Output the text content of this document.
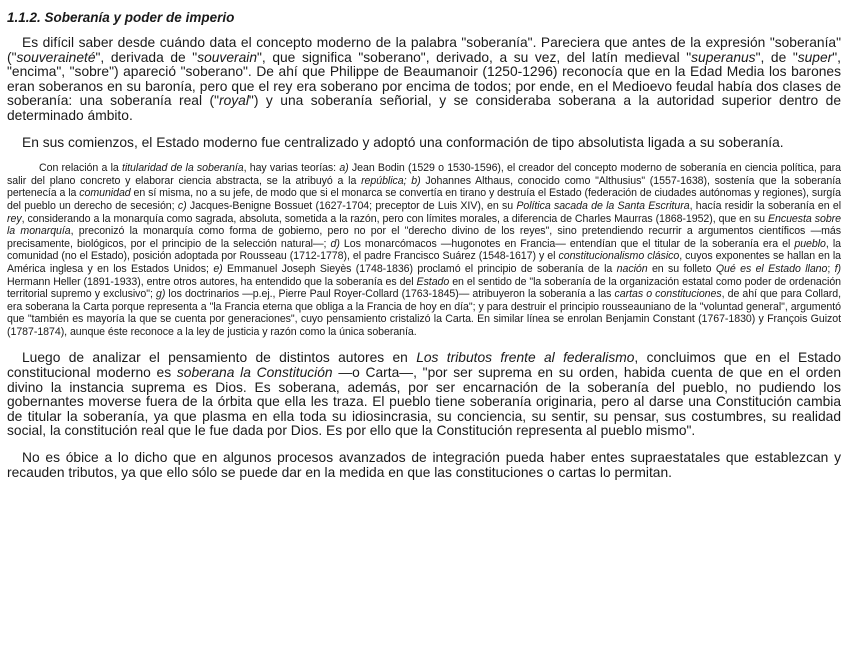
1.1.2. Soberanía y poder de imperio

Es difícil saber desde cuándo data el concepto moderno de la palabra "soberanía". Pareciera que antes de la expresión "soberanía" ("souveraineté", derivada de "souverain", que significa "soberano", derivado, a su vez, del latín medieval "superanus", de "super", "encima", "sobre") apareció "soberano". De ahí que Philippe de Beaumanoir (1250-1296) reconocía que en la Edad Media los barones eran soberanos en su baronía, pero que el rey era soberano por encima de todos; por ende, en el Medioevo feudal había dos clases de soberanía: una soberanía real ("royal") y una soberanía señorial, y se consideraba soberana a la autoridad superior dentro de determinado ámbito.

En sus comienzos, el Estado moderno fue centralizado y adoptó una conformación de tipo absolutista ligada a su soberanía.

Con relación a la titularidad de la soberanía, hay varias teorías: a) Jean Bodin (1529 o 1530-1596), el creador del concepto moderno de soberanía en ciencia política, para salir del plano concreto y elaborar ciencia abstracta, se la atribuyó a la república; b) Johannes Althaus, conocido como "Althusius" (1557-1638), sostenía que la soberanía pertenecía a la comunidad en sí misma, no a su jefe, de modo que si el monarca se convertía en tirano y destruía el Estado (federación de ciudades autónomas y regiones), surgía del pueblo un derecho de secesión; c) Jacques-Benigne Bossuet (1627-1704; preceptor de Luis XIV), en su Política sacada de la Santa Escritura, hacía residir la soberanía en el rey, considerando a la monarquía como sagrada, absoluta, sometida a la razón, pero con límites morales, a diferencia de Charles Maurras (1868-1952), que en su Encuesta sobre la monarquía, preconizó la monarquía como forma de gobierno, pero no por el "derecho divino de los reyes", sino pretendiendo recurrir a argumentos científicos —más precisamente, biológicos, por el principio de la selección natural—; d) Los monarcómacos —hugonotes en Francia— entendían que el titular de la soberanía era el pueblo, la comunidad (no el Estado), posición adoptada por Rousseau (1712-1778), el padre Francisco Suárez (1548-1617) y el constitucionalismo clásico, cuyos exponentes se hallan en la América inglesa y en los Estados Unidos; e) Emmanuel Joseph Sieyès (1748-1836) proclamó el principio de soberanía de la nación en su folleto Qué es el Estado llano; f) Hermann Heller (1891-1933), entre otros autores, ha entendido que la soberanía es del Estado en el sentido de "la soberanía de la organización estatal como poder de ordenación territorial supremo y exclusivo"; g) los doctrinarios —p.ej., Pierre Paul Royer-Collard (1763-1845)— atribuyeron la soberanía a las cartas o constituciones, de ahí que para Collard, era soberana la Carta porque representa a "la Francia eterna que obliga a la Francia de hoy en día"; y para destruir el principio rousseauniano de la "voluntad general", argumentó que "también es mayoría la que se cuenta por generaciones", cuyo pensamiento cristalizó la Carta. En similar línea se enrolan Benjamin Constant (1767-1830) y François Guizot (1787-1874), aunque éste reconoce a la ley de justicia y razón como la única soberanía.

Luego de analizar el pensamiento de distintos autores en Los tributos frente al federalismo, concluimos que en el Estado constitucional moderno es soberana la Constitución —o Carta—, "por ser suprema en su orden, habida cuenta de que en el orden divino la instancia suprema es Dios. Es soberana, además, por ser encarnación de la soberanía del pueblo, no pudiendo los gobernantes moverse fuera de la órbita que ella les traza. El pueblo tiene soberanía originaria, pero al darse una Constitución cambia de titular la soberanía, ya que plasma en ella toda su idiosincrasia, su conciencia, su sentir, su pensar, sus costumbres, su realidad social, la constitución real que le fue dada por Dios. Es por ello que la Constitución representa al pueblo mismo".

No es óbice a lo dicho que en algunos procesos avanzados de integración pueda haber entes supraestatales que establezcan y recauden tributos, ya que ello sólo se puede dar en la medida en que las constituciones o cartas lo permitan.
